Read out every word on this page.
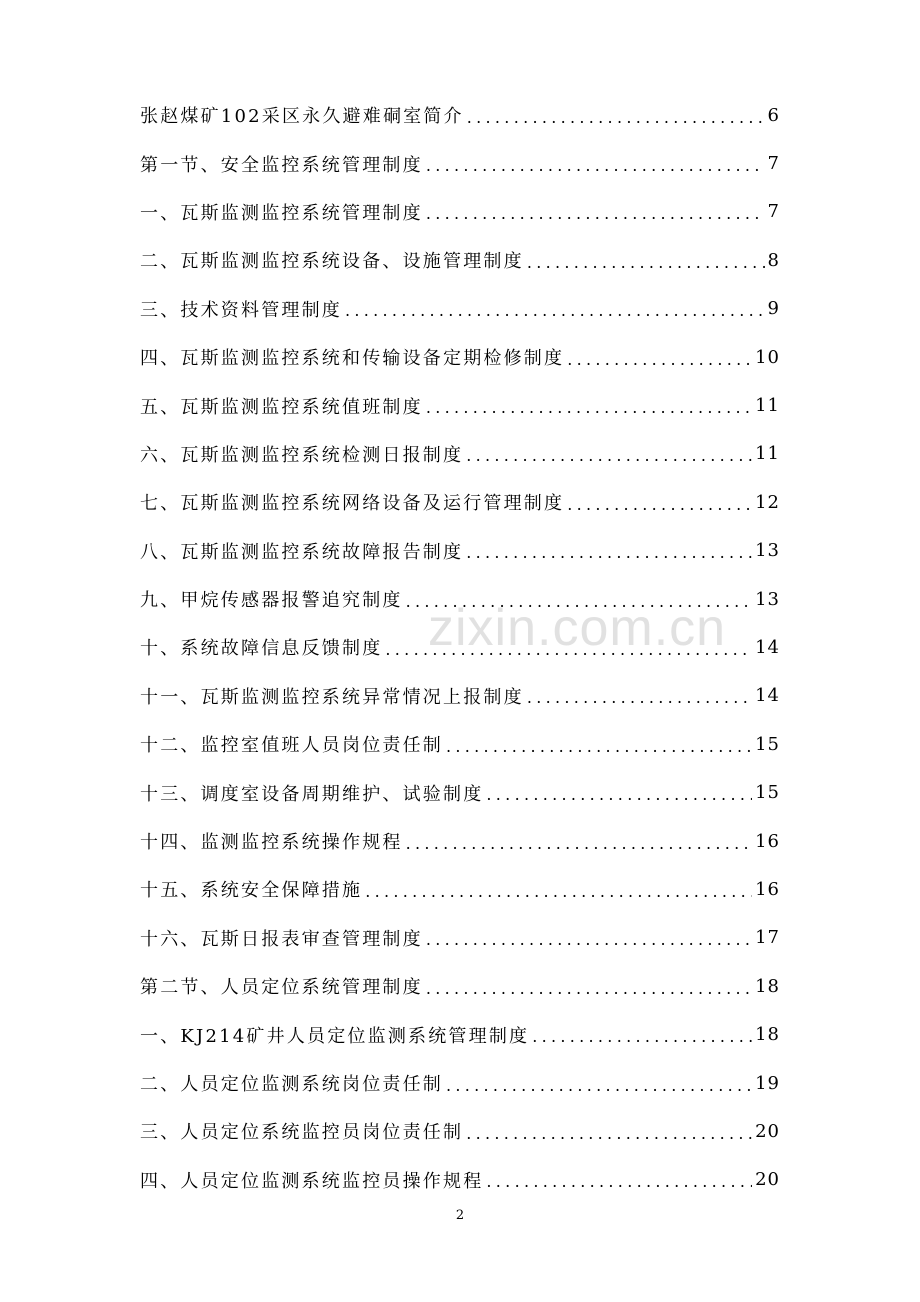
张赵煤矿102采区永久避难硐室简介 .....	6
第一节、安全监控系统管理制度 .....	7
一、瓦斯监测监控系统管理制度 .....	7
二、瓦斯监测监控系统设备、设施管理制度 .....	8
三、技术资料管理制度 .....	9
四、瓦斯监测监控系统和传输设备定期检修制度 .....	10
五、瓦斯监测监控系统值班制度 .....	11
六、瓦斯监测监控系统检测日报制度 .....	11
七、瓦斯监测监控系统网络设备及运行管理制度 .....	12
八、瓦斯监测监控系统故障报告制度 .....	13
九、甲烷传感器报警追究制度 .....	13
十、系统故障信息反馈制度 .....	14
十一、瓦斯监测监控系统异常情况上报制度 .....	14
十二、监控室值班人员岗位责任制 .....	15
十三、调度室设备周期维护、试验制度 .....	15
十四、监测监控系统操作规程 .....	16
十五、系统安全保障措施 .....	16
十六、瓦斯日报表审查管理制度 .....	17
第二节、人员定位系统管理制度 .....	18
一、KJ214矿井人员定位监测系统管理制度 .....	18
二、人员定位监测系统岗位责任制 .....	19
三、人员定位系统监控员岗位责任制 .....	20
四、人员定位监测系统监控员操作规程 .....	20
zixin.com.cn
2
